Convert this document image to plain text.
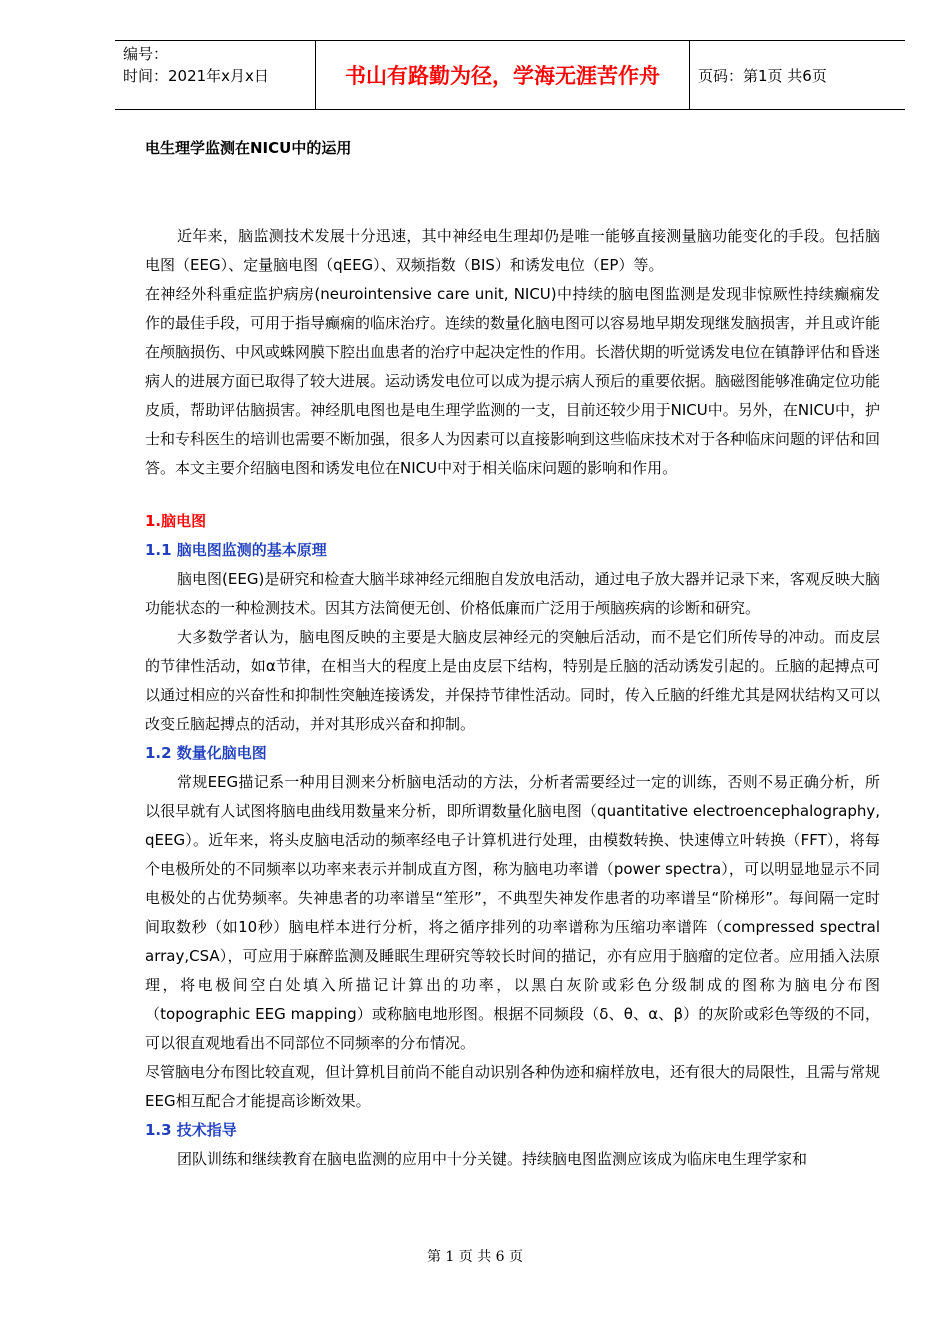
编号：
时间：2021年x月x日	书山有路勤为径，学海无涯苦作舟	页码：第1页 共6页
电生理学监测在NICU中的运用

近年来，脑监测技术发展十分迅速，其中神经电生理却仍是唯一能够直接测量脑功能变化的手段。包括脑电图（EEG）、定量脑电图（qEEG）、双频指数（BIS）和诱发电位（EP）等。

在神经外科重症监护病房(neurointensive care unit, NICU)中持续的脑电图监测是发现非惊厥性持续癫痫发作的最佳手段，可用于指导癫痫的临床治疗。连续的数量化脑电图可以容易地早期发现继发脑损害，并且或许能在颅脑损伤、中风或蛛网膜下腔出血患者的治疗中起决定性的作用。长潜伏期的听觉诱发电位在镇静评估和昏迷病人的进展方面已取得了较大进展。运动诱发电位可以成为提示病人预后的重要依据。脑磁图能够准确定位功能皮质，帮助评估脑损害。神经肌电图也是电生理学监测的一支，目前还较少用于NICU中。另外，在NICU中，护士和专科医生的培训也需要不断加强，很多人为因素可以直接影响到这些临床技术对于各种临床问题的评估和回答。本文主要介绍脑电图和诱发电位在NICU中对于相关临床问题的影响和作用。

1.脑电图

1.1 脑电图监测的基本原理

脑电图(EEG)是研究和检查大脑半球神经元细胞自发放电活动，通过电子放大器并记录下来，客观反映大脑功能状态的一种检测技术。因其方法简便无创、价格低廉而广泛用于颅脑疾病的诊断和研究。

大多数学者认为，脑电图反映的主要是大脑皮层神经元的突触后活动，而不是它们所传导的冲动。而皮层的节律性活动，如α节律，在相当大的程度上是由皮层下结构，特别是丘脑的活动诱发引起的。丘脑的起搏点可以通过相应的兴奋性和抑制性突触连接诱发，并保持节律性活动。同时，传入丘脑的纤维尤其是网状结构又可以改变丘脑起搏点的活动，并对其形成兴奋和抑制。

1.2 数量化脑电图

常规EEG描记系一种用目测来分析脑电活动的方法，分析者需要经过一定的训练，否则不易正确分析，所以很早就有人试图将脑电曲线用数量来分析，即所谓数量化脑电图（quantitative electroencephalography, qEEG）。近年来，将头皮脑电活动的频率经电子计算机进行处理，由模数转换、快速傅立叶转换（FFT），将每个电极所处的不同频率以功率来表示并制成直方图，称为脑电功率谱（power spectra），可以明显地显示不同电极处的占优势频率。失神患者的功率谱呈“笙形”，不典型失神发作患者的功率谱呈“阶梯形”。每间隔一定时间取数秒（如10秒）脑电样本进行分析，将之循序排列的功率谱称为压缩功率谱阵（compressed spectral array,CSA），可应用于麻醉监测及睡眠生理研究等较长时间的描记，亦有应用于脑瘤的定位者。应用插入法原理，将电极间空白处填入所描记计算出的功率，以黑白灰阶或彩色分级制成的图称为脑电分布图（topographic EEG mapping）或称脑电地形图。根据不同频段（δ、θ、α、β）的灰阶或彩色等级的不同，可以很直观地看出不同部位不同频率的分布情况。

尽管脑电分布图比较直观，但计算机目前尚不能自动识别各种伪迹和痫样放电，还有很大的局限性，且需与常规EEG相互配合才能提高诊断效果。

1.3 技术指导

团队训练和继续教育在脑电监测的应用中十分关键。持续脑电图监测应该成为临床电生理学家和

第 1 页 共 6 页
